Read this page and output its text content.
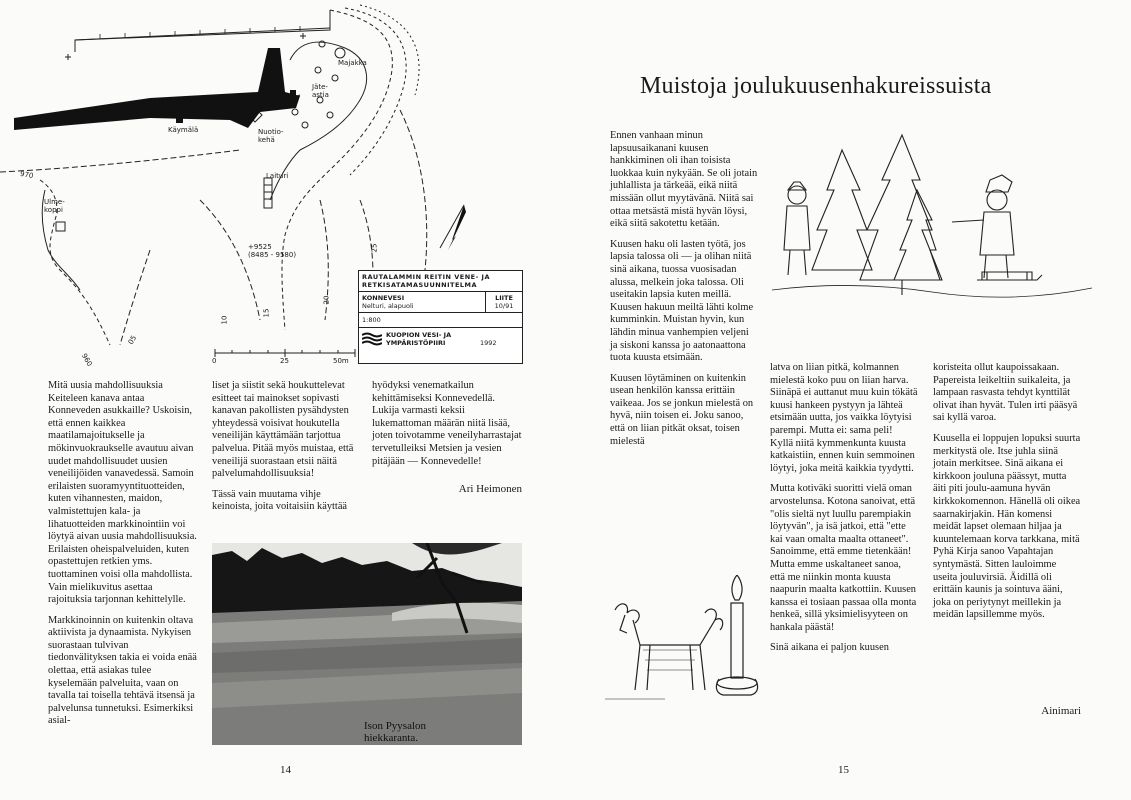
Majakka
Jäte-
astia
Käymälä	Nuotio-
kehä
Laituri
Ulme-
koppi
970
960
+9525
(8485 - 9580)
10
15
20
25
05
0	25	50m
RAUTALAMMIN REITIN VENE- JA RETKISATAMASUUNNITELMA
KONNEVESI
Nelturi, alapuoli
LIITE
10/91
1:800
KUOPION VESI- JA YMPÄRISTÖPIIRI	1992

Mitä uusia mahdollisuuksia Keiteleen kanava antaa Konneveden asukkaille? Uskoisin, että ennen kaikkea maatilamajoitukselle ja mökinvuokraukselle avautuu aivan uudet mahdollisuudet uusien veneilijöiden vanavedessä. Samoin erilaisten suoramyyntituotteiden, kuten vihannesten, maidon, valmistettujen kala- ja lihatuotteiden markkinointiin voi löytyä aivan uusia mahdollisuuksia. Erilaisten oheispalveluiden, kuten opastettujen retkien yms. tuottaminen voisi olla mahdollista. Vain mielikuvitus asettaa rajoituksia tarjonnan kehittelylle.

Markkinoinnin on kuitenkin oltava aktiivista ja dynaamista. Nykyisen suorastaan tulvivan tiedonvälityksen takia ei voida enää olettaa, että asiakas tulee kyselemään palveluita, vaan on tavalla tai toisella tehtävä itsensä ja palvelunsa tunnetuksi. Esimerkiksi asial-

liset ja siistit sekä houkuttelevat esitteet tai mainokset sopivasti kanavan pakollisten pysähdysten yhteydessä voisivat houkutella veneilijän käyttämään tarjottua palvelua. Pitää myös muistaa, että veneilijä suorastaan etsii näitä palvelumahdollisuuksia!

Tässä vain muutama vihje keinoista, joita voitaisiin käyttää

hyödyksi venematkailun kehittämiseksi Konnevedellä. Lukija varmasti keksii lukemattoman määrän niitä lisää, joten toivotamme veneilyharrastajat tervetulleiksi Metsien ja vesien pitäjään — Konnevedelle!

Ari Heimonen
Ison Pyysalon
hiekkaranta.
14
Muistoja joulukuusenhakureissuista

Ennen vanhaan minun lapsuusaikanani kuusen hankkiminen oli ihan toisista luokkaa kuin nykyään. Se oli jotain juhlallista ja tärkeää, eikä niitä missään ollut myytävänä. Niitä sai ottaa metsästä mistä hyvän löysi, eikä siitä sakotettu ketään.

Kuusen haku oli lasten työtä, jos lapsia talossa oli — ja olihan niitä sinä aikana, tuossa vuosisadan alussa, melkein joka talossa. Oli useitakin lapsia kuten meillä. Kuusen hakuun meiltä lähti kolme kumminkin. Muistan hyvin, kun lähdin minua vanhempien veljeni ja siskoni kanssa jo aatonaattona tuota kuusta etsimään.

Kuusen löytäminen on kuitenkin usean henkilön kanssa erittäin vaikeaa. Jos se jonkun mielestä on hyvä, niin toisen ei. Joku sanoo, että on liian pitkät oksat, toisen mielestä

latva on liian pitkä, kolmannen mielestä koko puu on liian harva. Siinäpä ei auttanut muu kuin tökätä kuusi hankeen pystyyn ja lähteä etsimään uutta, jos vaikka löytyisi parempi. Mutta ei: sama peli! Kyllä niitä kymmenkunta kuusta katkaistiin, ennen kuin semmoinen löytyi, joka meitä kaikkia tyydytti.

Mutta kotiväki suoritti vielä oman arvostelunsa. Kotona sanoivat, että "olis sieltä nyt luullu parempiakin löytyvän", ja isä jatkoi, että "ette kai vaan omalta maalta ottaneet". Sanoimme, että emme tietenkään! Mutta emme uskaltaneet sanoa, että me niinkin monta kuusta naapurin maalta katkottiin. Kuusen kanssa ei tosiaan passaa olla monta henkeä, sillä yksimielisyyteen on hankala päästä!

Sinä aikana ei paljon kuusen

koristeita ollut kaupoissakaan. Papereista leikeltiin suikaleita, ja lampaan rasvasta tehdyt kynttilät olivat ihan hyvät. Tulen irti pääsyä sai kyllä varoa.

Kuusella ei loppujen lopuksi suurta merkitystä ole. Itse juhla siinä jotain merkitsee. Sinä aikana ei kirkkoon jouluna päässyt, mutta äiti piti joulu-aamuna hyvän kirkkokomennon. Hänellä oli oikea saarnakirjakin. Hän komensi meidät lapset olemaan hiljaa ja kuuntelemaan korva tarkkana, mitä Pyhä Kirja sanoo Vapahtajan syntymästä. Sitten lauloimme useita jouluvirsiä. Äidillä oli erittäin kaunis ja sointuva ääni, joka on periytynyt meillekin ja meidän lapsillemme myös.

Ainimari
15
